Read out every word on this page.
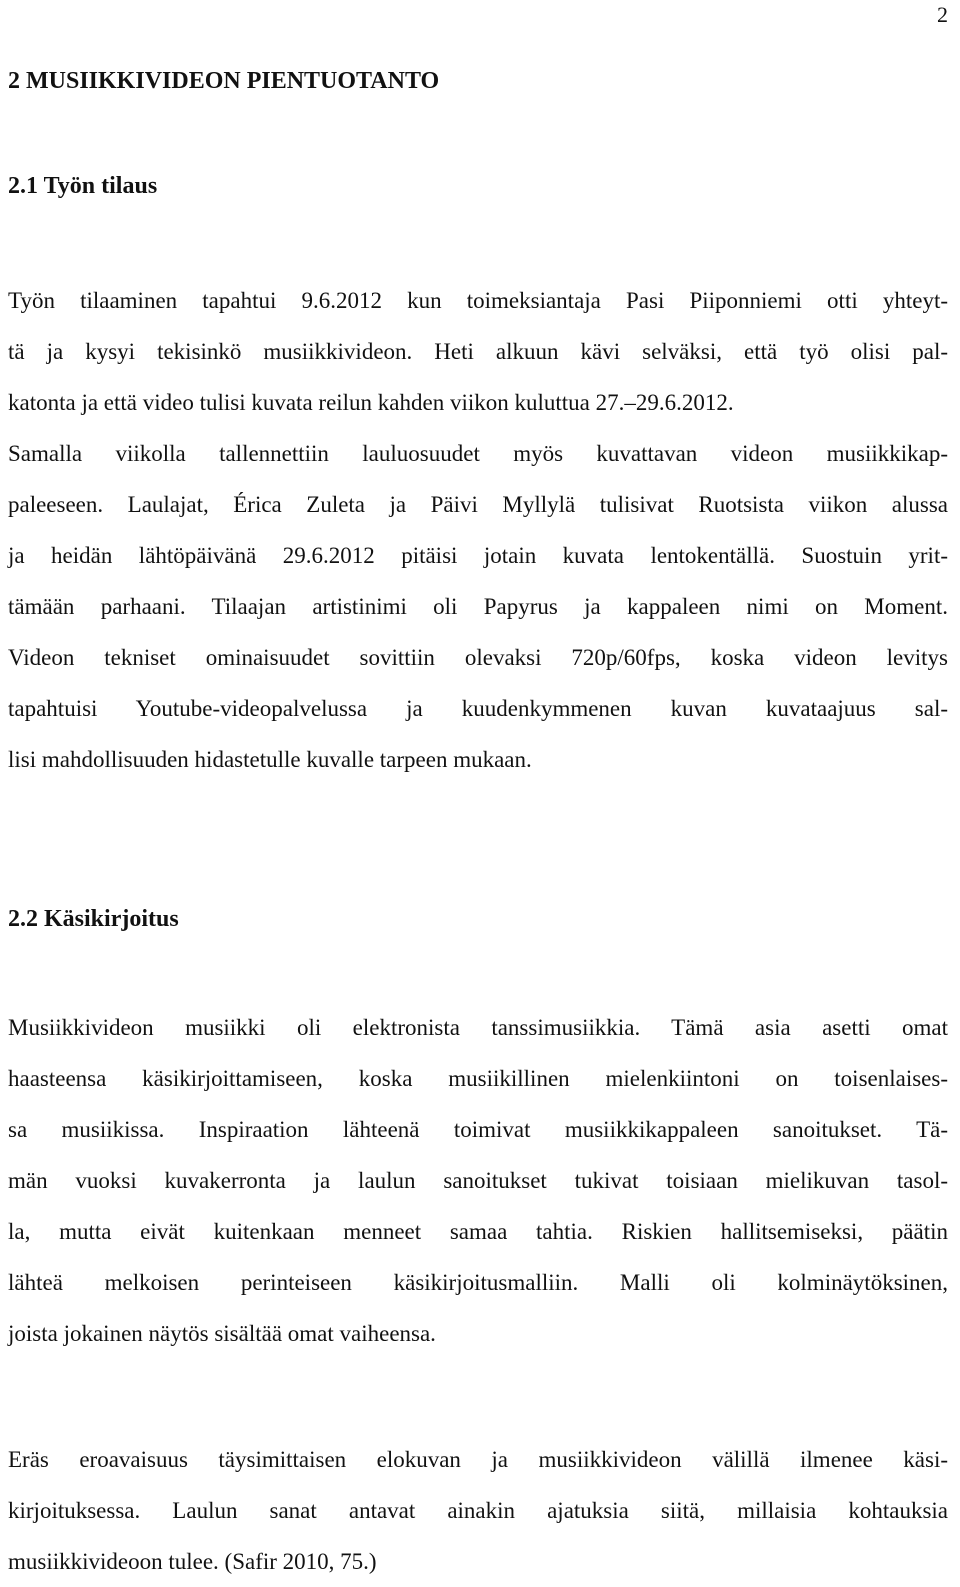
2
2 MUSIIKKIVIDEON PIENTUOTANTO
2.1 Työn tilaus
Työn tilaaminen tapahtui 9.6.2012 kun toimeksiantaja Pasi Piiponniemi otti yhteyt-
tä ja kysyi tekisinkö musiikkivideon. Heti alkuun kävi selväksi, että työ olisi pal-
katonta ja että video tulisi kuvata reilun kahden viikon kuluttua 27.–29.6.2012.
Samalla viikolla tallennettiin lauluosuudet myös kuvattavan videon musiikkikap-
paleeseen. Laulajat, Érica Zuleta ja Päivi Myllylä tulisivat Ruotsista viikon alussa
ja heidän lähtöpäivänä 29.6.2012 pitäisi jotain kuvata lentokentällä. Suostuin yrit-
tämään parhaani. Tilaajan artistinimi oli Papyrus ja kappaleen nimi on Moment.
Videon tekniset ominaisuudet sovittiin olevaksi 720p/60fps, koska videon levitys
tapahtuisi Youtube-videopalvelussa ja kuudenkymmenen kuvan kuvataajuus sal-
lisi mahdollisuuden hidastetulle kuvalle tarpeen mukaan.
2.2 Käsikirjoitus
Musiikkivideon musiikki oli elektronista tanssimusiikkia. Tämä asia asetti omat
haasteensa käsikirjoittamiseen, koska musiikillinen mielenkiintoni on toisenlaises-
sa musiikissa. Inspiraation lähteenä toimivat musiikkikappaleen sanoitukset. Tä-
män vuoksi kuvakerronta ja laulun sanoitukset tukivat toisiaan mielikuvan tasol-
la, mutta eivät kuitenkaan menneet samaa tahtia. Riskien hallitsemiseksi, päätin
lähteä melkoisen perinteiseen käsikirjoitusmalliin. Malli oli kolminäytöksinen,
joista jokainen näytös sisältää omat vaiheensa.
Eräs eroavaisuus täysimittaisen elokuvan ja musiikkivideon välillä ilmenee käsi-
kirjoituksessa. Laulun sanat antavat ainakin ajatuksia siitä, millaisia kohtauksia
musiikkivideoon tulee. (Safir 2010, 75.)
